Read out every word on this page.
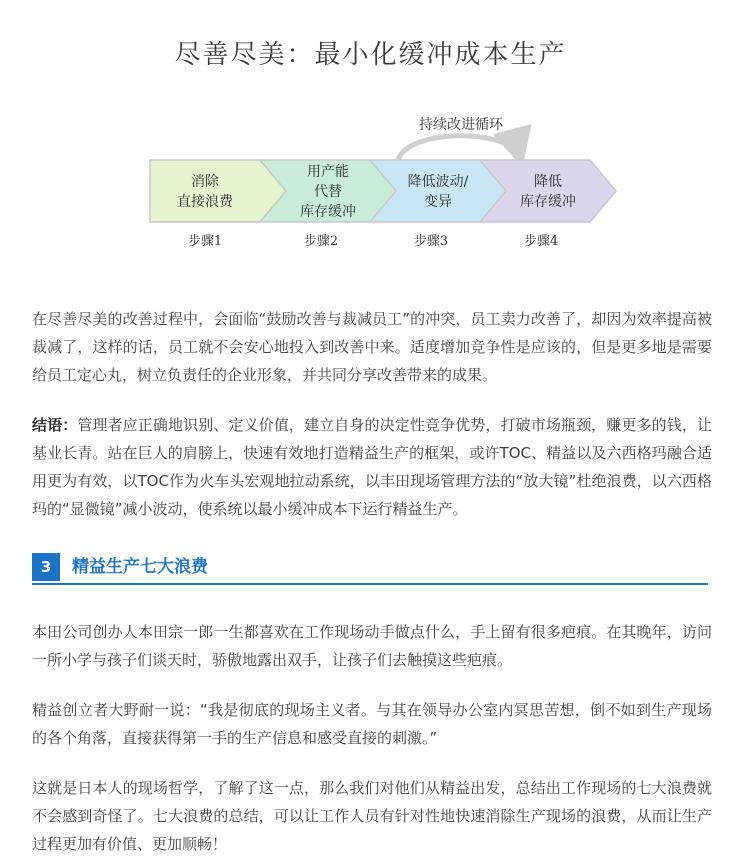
尽善尽美：最小化缓冲成本生产
持续改进循环
消除
直接浪费
步骤1
用产能
代替
库存缓冲
步骤2
降低波动/
变异
步骤3
降低
库存缓冲
步骤4

在尽善尽美的改善过程中，会面临“鼓励改善与裁减员工”的冲突，员工卖力改善了，却因为效率提高被裁减了，这样的话，员工就不会安心地投入到改善中来。适度增加竞争性是应该的，但是更多地是需要给员工定心丸，树立负责任的企业形象，并共同分享改善带来的成果。

结语：管理者应正确地识别、定义价值，建立自身的决定性竞争优势，打破市场瓶颈，赚更多的钱，让基业长青。站在巨人的肩膀上，快速有效地打造精益生产的框架，或许TOC、精益以及六西格玛融合适用更为有效，以TOC作为火车头宏观地拉动系统，以丰田现场管理方法的“放大镜”杜绝浪费，以六西格玛的“显微镜”减小波动，使系统以最小缓冲成本下运行精益生产。

3	精益生产七大浪费

本田公司创办人本田宗一郎一生都喜欢在工作现场动手做点什么，手上留有很多疤痕。在其晚年，访问一所小学与孩子们谈天时，骄傲地露出双手，让孩子们去触摸这些疤痕。

精益创立者大野耐一说：“我是彻底的现场主义者。与其在领导办公室内冥思苦想，倒不如到生产现场的各个角落，直接获得第一手的生产信息和感受直接的刺激。”

这就是日本人的现场哲学，了解了这一点，那么我们对他们从精益出发，总结出工作现场的七大浪费就不会感到奇怪了。七大浪费的总结，可以让工作人员有针对性地快速消除生产现场的浪费，从而让生产过程更加有价值、更加顺畅！
